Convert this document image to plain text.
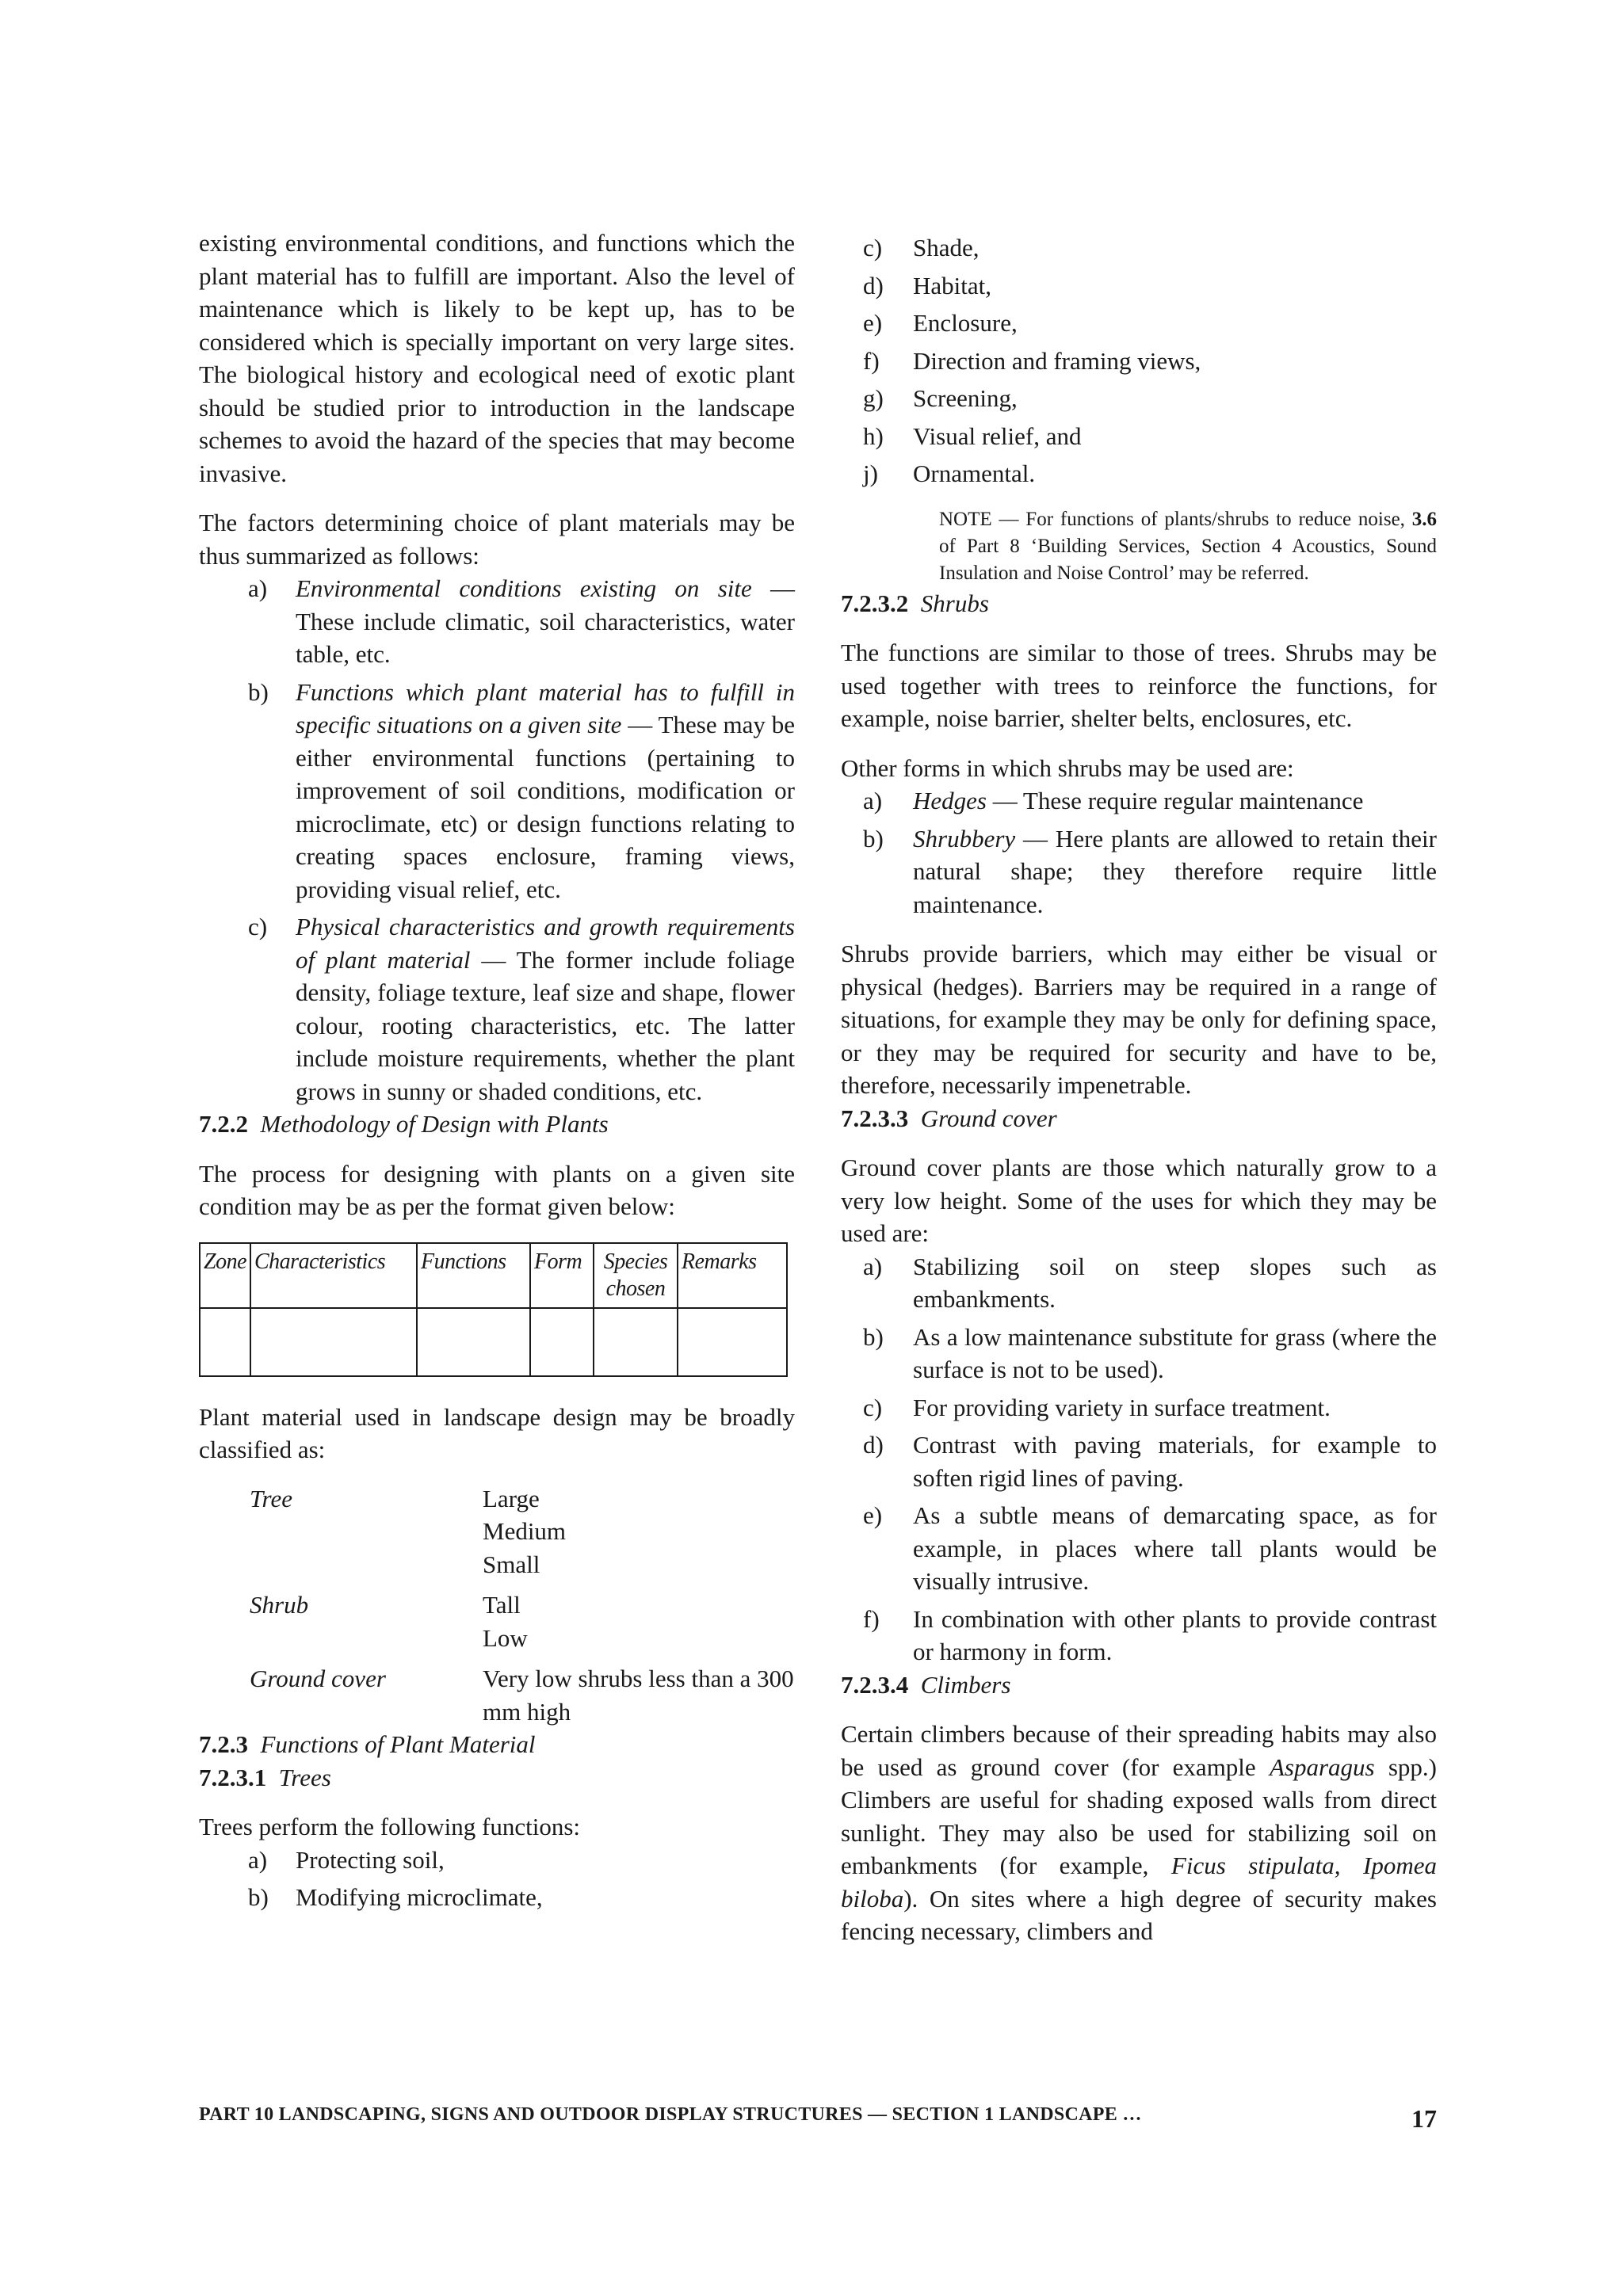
existing environmental conditions, and functions which the plant material has to fulfill are important. Also the level of maintenance which is likely to be kept up, has to be considered which is specially important on very large sites. The biological history and ecological need of exotic plant should be studied prior to introduction in the landscape schemes to avoid the hazard of the species that may become invasive.

The factors determining choice of plant materials may be thus summarized as follows:

a)	Environmental conditions existing on site — These include climatic, soil characteristics, water table, etc.
b)	Functions which plant material has to fulfill in specific situations on a given site — These may be either environmental functions (pertaining to improvement of soil conditions, modification or microclimate, etc) or design functions relating to creating spaces enclosure, framing views, providing visual relief, etc.
c)	Physical characteristics and growth requirements of plant material — The former include foliage density, foliage texture, leaf size and shape, flower colour, rooting characteristics, etc. The latter include moisture requirements, whether the plant grows in sunny or shaded conditions, etc.

7.2.2 Methodology of Design with Plants

The process for designing with plants on a given site condition may be as per the format given below:

Zone	Characteristics	Functions	Form	Species chosen	Remarks

Plant material used in landscape design may be broadly classified as:

Tree	Large
Medium
Small
Shrub	Tall
Low
Ground cover	Very low shrubs less than a 300 mm high

7.2.3 Functions of Plant Material

7.2.3.1 Trees

Trees perform the following functions:

a)	Protecting soil,
b)	Modifying microclimate,
c)	Shade,
d)	Habitat,
e)	Enclosure,
f)	Direction and framing views,
g)	Screening,
h)	Visual relief, and
j)	Ornamental.

NOTE — For functions of plants/shrubs to reduce noise, 3.6 of Part 8 ‘Building Services, Section 4 Acoustics, Sound Insulation and Noise Control’ may be referred.

7.2.3.2 Shrubs

The functions are similar to those of trees. Shrubs may be used together with trees to reinforce the functions, for example, noise barrier, shelter belts, enclosures, etc.

Other forms in which shrubs may be used are:

a)	Hedges — These require regular maintenance
b)	Shrubbery — Here plants are allowed to retain their natural shape; they therefore require little maintenance.

Shrubs provide barriers, which may either be visual or physical (hedges). Barriers may be required in a range of situations, for example they may be only for defining space, or they may be required for security and have to be, therefore, necessarily impenetrable.

7.2.3.3 Ground cover

Ground cover plants are those which naturally grow to a very low height. Some of the uses for which they may be used are:

a)	Stabilizing soil on steep slopes such as embankments.
b)	As a low maintenance substitute for grass (where the surface is not to be used).
c)	For providing variety in surface treatment.
d)	Contrast with paving materials, for example to soften rigid lines of paving.
e)	As a subtle means of demarcating space, as for example, in places where tall plants would be visually intrusive.
f)	In combination with other plants to provide contrast or harmony in form.

7.2.3.4 Climbers

Certain climbers because of their spreading habits may also be used as ground cover (for example Asparagus spp.) Climbers are useful for shading exposed walls from direct sunlight. They may also be used for stabilizing soil on embankments (for example, Ficus stipulata, Ipomea biloba). On sites where a high degree of security makes fencing necessary, climbers and

PART 10 LANDSCAPING, SIGNS AND OUTDOOR DISPLAY STRUCTURES — SECTION 1 LANDSCAPE …	17
